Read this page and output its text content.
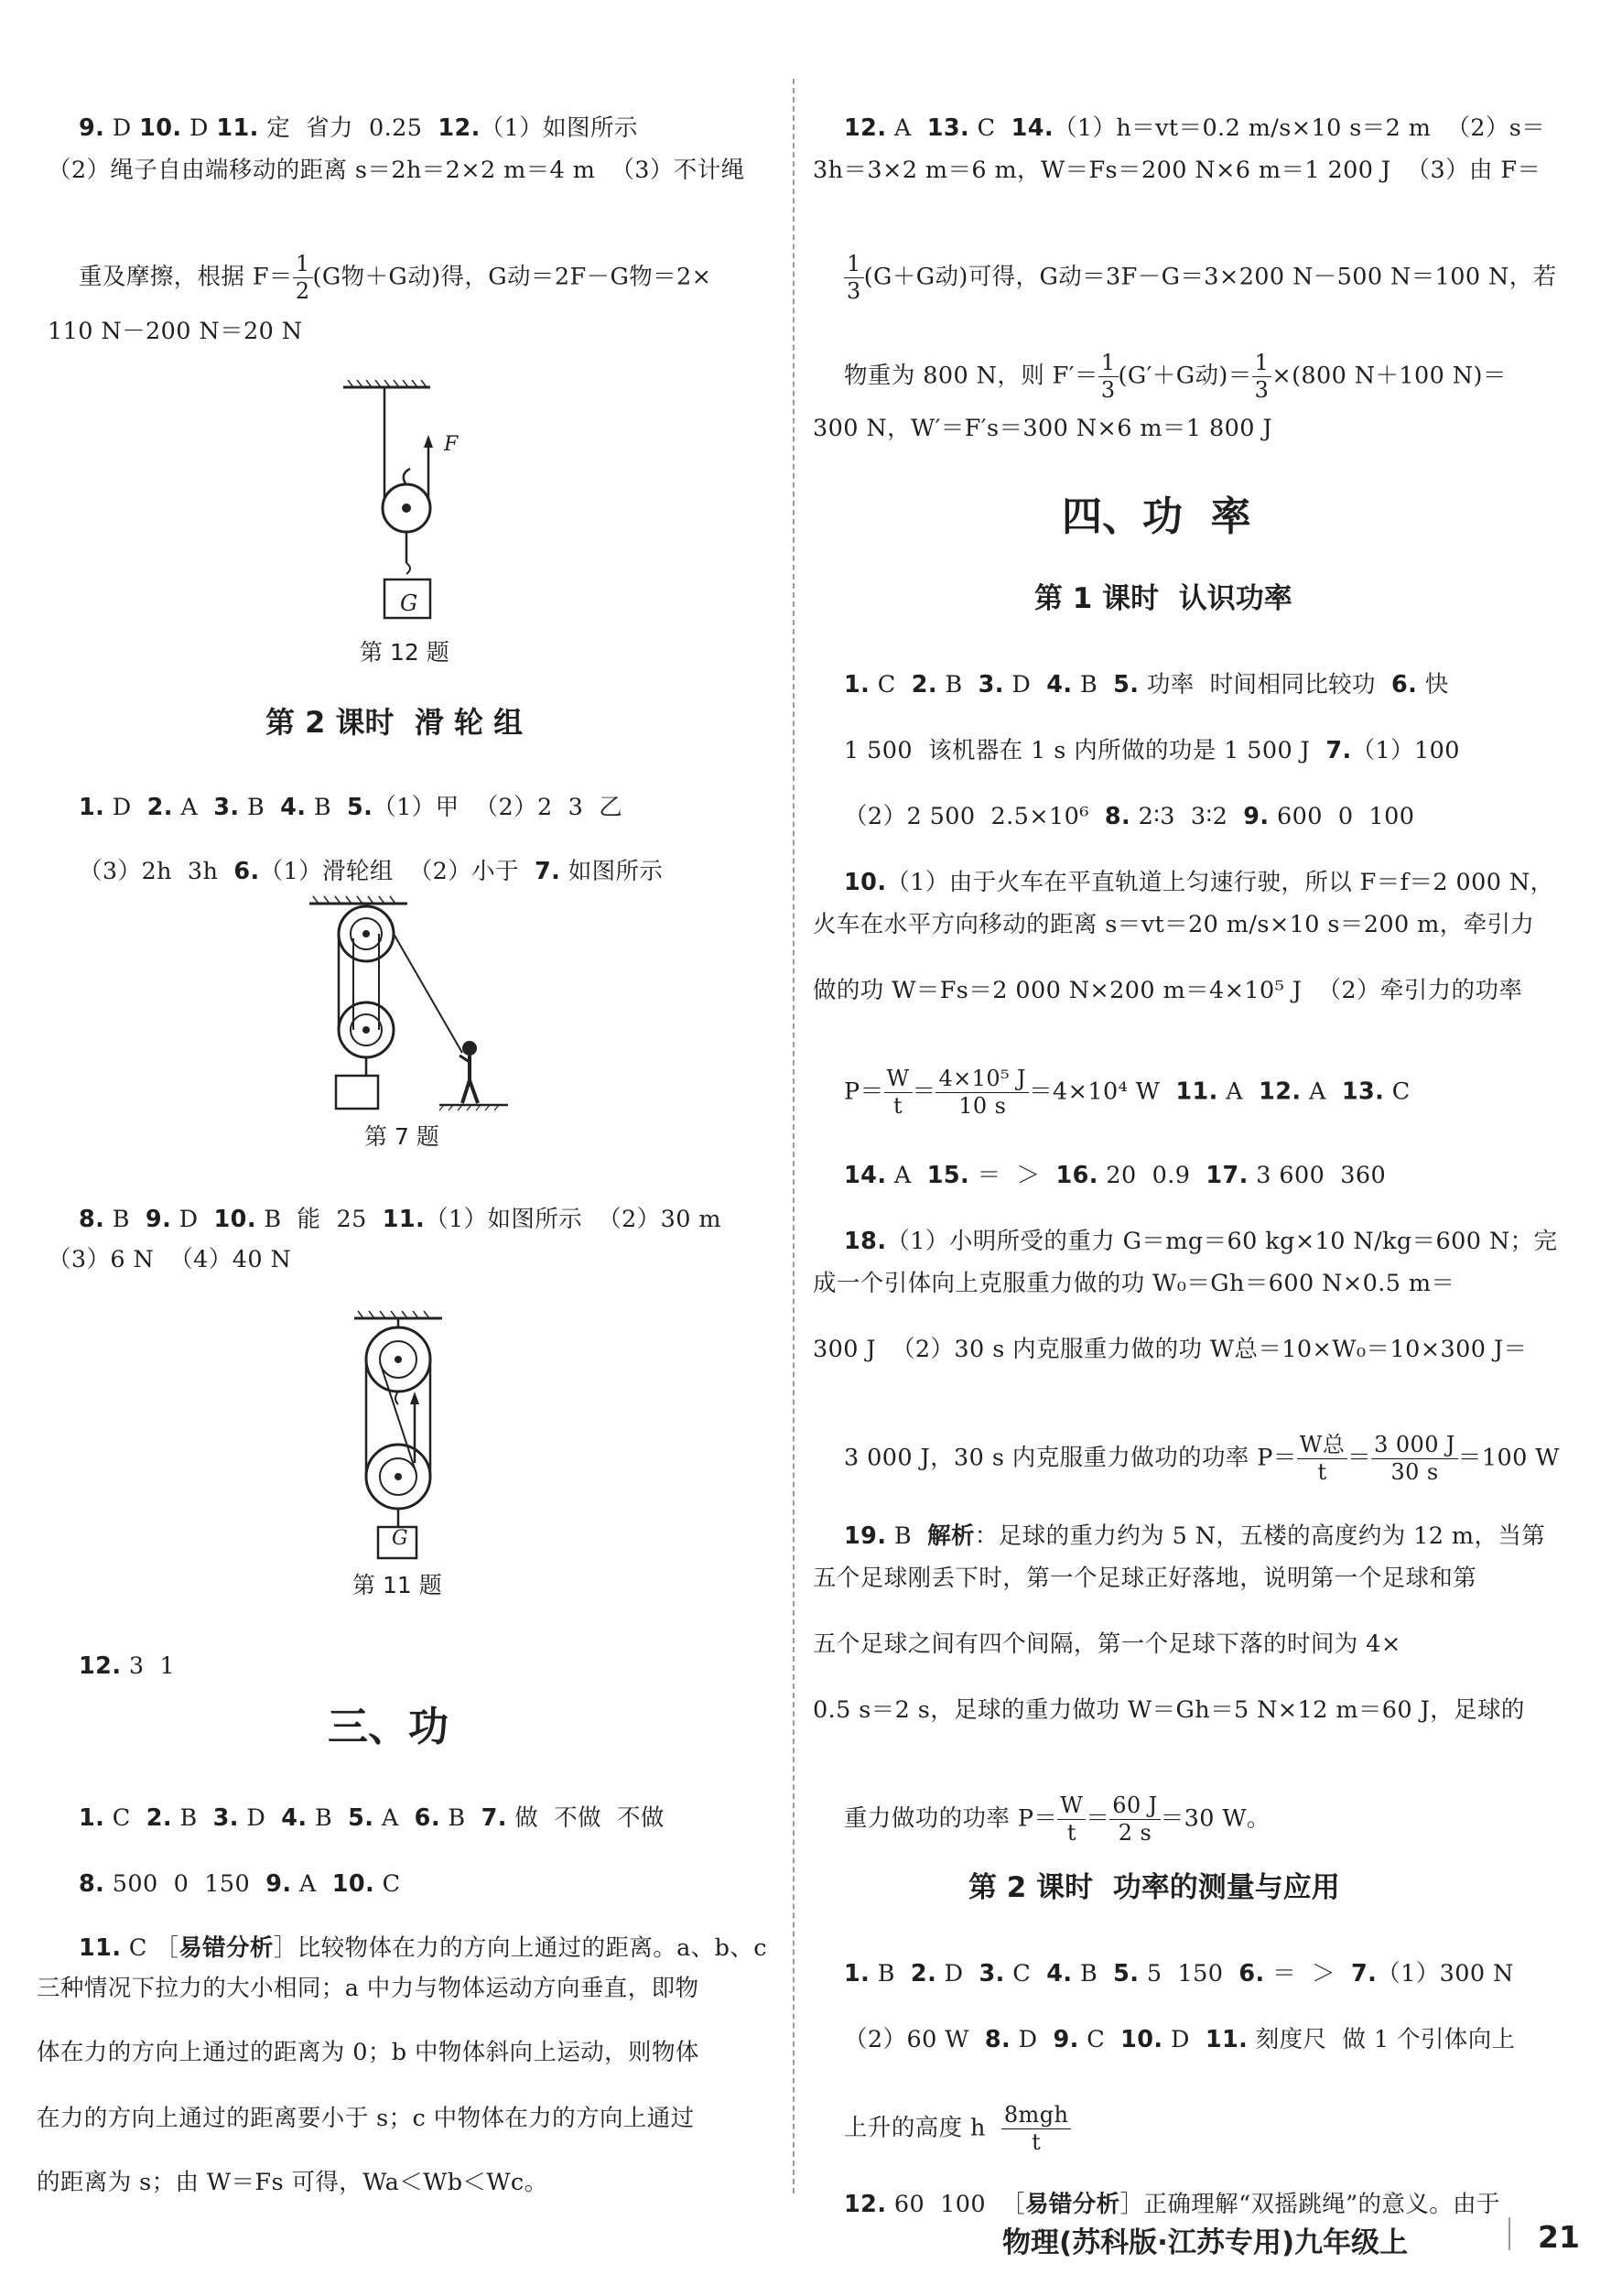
9. D 10. D 11. 定  省力  0.25  12.（1）如图所示

（2）绳子自由端移动的距离 s＝2h＝2×2 m＝4 m  （3）不计绳

重及摩擦，根据 $F= \frac{1}{2} (G$物＋G动)得，G动＝2F－G物＝2×

110 N－200 N＝20 N
F
G
第 12 题
第 2 课时  滑 轮 组

1. D  2. A  3. B  4. B  5.（1）甲  （2）2  3  乙

（3）2h  3h  6.（1）滑轮组  （2）小于  7. 如图所示

第 7 题

8. B  9. D  10. B  能  25  11.（1）如图所示  （2）30 m

（3）6 N  （4）40 N
G
第 11 题

12. 3  1

三、功

1. C  2. B  3. D  4. B  5. A  6. B  7. 做  不做  不做

8. 500  0  150  9. A  10. C

11. C ［易错分析］比较物体在力的方向上通过的距离。a、b、c

三种情况下拉力的大小相同；a 中力与物体运动方向垂直，即物
体在力的方向上通过的距离为 0；b 中物体斜向上运动，则物体
在力的方向上通过的距离要小于 s；c 中物体在力的方向上通过
的距离为 s；由 W＝Fs 可得，Wa＜Wb＜Wc。

12. A  13. C  14.（1）h＝vt＝0.2 m/s×10 s＝2 m  （2）s＝

3h＝3×2 m＝6 m，W＝Fs＝200 N×6 m＝1 200 J  （3）由 F＝

$\frac{1}{3} (G+G$动)可得，G动＝3F－G＝3×200 N－500 N＝100 N，若

物重为 800 N，则 $F'= \frac{1}{3} (G'+G$动)＝ $\frac{1}{3} \times(800$ N＋100 N)＝

300 N，W′＝F′s＝300 N×6 m＝1 800 J
四、功  率
第 1 课时  认识功率

1. C  2. B  3. D  4. B  5. 功率  时间相同比较功  6. 快

1 500  该机器在 1 s 内所做的功是 1 500 J  7.（1）100

（2）2 500  2.5×10⁶  8. 2∶3  3∶2  9. 600  0  100

10.（1）由于火车在平直轨道上匀速行驶，所以 F＝f＝2 000 N，

火车在水平方向移动的距离 s＝vt＝20 m/s×10 s＝200 m，牵引力
做的功 W＝Fs＝2 000 N×200 m＝4×10⁵ J  （2）牵引力的功率

$P= \frac{W}{t} = \frac{\text{4×10⁵ J}}{10 s} =4\times 10^4$ W  11. A  12. A  13. C

14. A  15. ＝  ＞  16. 20  0.9  17. 3 600  360

18.（1）小明所受的重力 G＝mg＝60 kg×10 N/kg＝600 N；完

成一个引体向上克服重力做的功 W₀＝Gh＝600 N×0.5 m＝
300 J  （2）30 s 内克服重力做的功 W总＝10×W₀＝10×300 J＝

3 000 J，30 s 内克服重力做功的功率 $P= \frac{\text{W总}}{t} = \frac{3 000 J}{30 s} =100$ W

19. B  解析：足球的重力约为 5 N，五楼的高度约为 12 m，当第

五个足球刚丢下时，第一个足球正好落地，说明第一个足球和第
五个足球之间有四个间隔，第一个足球下落的时间为 4×
0.5 s＝2 s，足球的重力做功 W＝Gh＝5 N×12 m＝60 J，足球的

重力做功的功率 $P= \frac{W}{t} = \frac{60 J}{2 s} =30$ W。

第 2 课时  功率的测量与应用

1. B  2. D  3. C  4. B  5. 5  150  6. ＝  ＞  7.（1）300 N

（2）60 W  8. D  9. C  10. D  11. 刻度尺  做 1 个引体向上

上升的高度 h $\frac{\text{8mgh}}{t}$

12. 60  100  ［易错分析］正确理解“双摇跳绳”的意义。由于

物理(苏科版·江苏专用)九年级上	21
